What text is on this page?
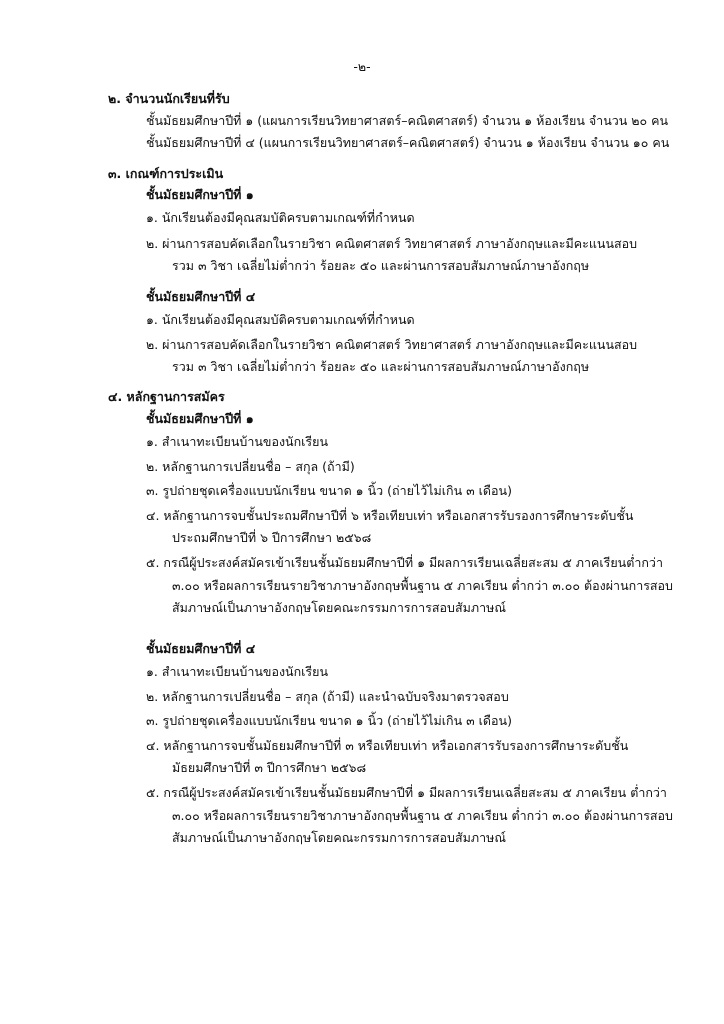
-๒-
๒. จำนวนนักเรียนที่รับ
ชั้นมัธยมศึกษาปีที่ ๑ (แผนการเรียนวิทยาศาสตร์–คณิตศาสตร์) จำนวน ๑ ห้องเรียน จำนวน ๒๐ คน
ชั้นมัธยมศึกษาปีที่ ๔ (แผนการเรียนวิทยาศาสตร์–คณิตศาสตร์) จำนวน ๑ ห้องเรียน จำนวน ๑๐ คน
๓. เกณฑ์การประเมิน
ชั้นมัธยมศึกษาปีที่ ๑
๑. นักเรียนต้องมีคุณสมบัติครบตามเกณฑ์ที่กำหนด
๒. ผ่านการสอบคัดเลือกในรายวิชา คณิตศาสตร์ วิทยาศาสตร์ ภาษาอังกฤษและมีคะแนนสอบ
รวม ๓ วิชา เฉลี่ยไม่ต่ำกว่า ร้อยละ ๕๐ และผ่านการสอบสัมภาษณ์ภาษาอังกฤษ
ชั้นมัธยมศึกษาปีที่ ๔
๑. นักเรียนต้องมีคุณสมบัติครบตามเกณฑ์ที่กำหนด
๒. ผ่านการสอบคัดเลือกในรายวิชา คณิตศาสตร์ วิทยาศาสตร์ ภาษาอังกฤษและมีคะแนนสอบ
รวม ๓ วิชา เฉลี่ยไม่ต่ำกว่า ร้อยละ ๕๐ และผ่านการสอบสัมภาษณ์ภาษาอังกฤษ
๔. หลักฐานการสมัคร
ชั้นมัธยมศึกษาปีที่ ๑
๑. สำเนาทะเบียนบ้านของนักเรียน
๒. หลักฐานการเปลี่ยนชื่อ – สกุล (ถ้ามี)
๓. รูปถ่ายชุดเครื่องแบบนักเรียน ขนาด ๑ นิ้ว (ถ่ายไว้ไม่เกิน ๓ เดือน)
๔. หลักฐานการจบชั้นประถมศึกษาปีที่ ๖ หรือเทียบเท่า หรือเอกสารรับรองการศึกษาระดับชั้น
ประถมศึกษาปีที่ ๖ ปีการศึกษา ๒๕๖๘
๕. กรณีผู้ประสงค์สมัครเข้าเรียนชั้นมัธยมศึกษาปีที่ ๑ มีผลการเรียนเฉลี่ยสะสม ๕ ภาคเรียนต่ำกว่า
๓.๐๐ หรือผลการเรียนรายวิชาภาษาอังกฤษพื้นฐาน ๕ ภาคเรียน ต่ำกว่า ๓.๐๐ ต้องผ่านการสอบ
สัมภาษณ์เป็นภาษาอังกฤษโดยคณะกรรมการการสอบสัมภาษณ์
ชั้นมัธยมศึกษาปีที่ ๔
๑. สำเนาทะเบียนบ้านของนักเรียน
๒. หลักฐานการเปลี่ยนชื่อ – สกุล (ถ้ามี) และนำฉบับจริงมาตรวจสอบ
๓. รูปถ่ายชุดเครื่องแบบนักเรียน ขนาด ๑ นิ้ว (ถ่ายไว้ไม่เกิน ๓ เดือน)
๔. หลักฐานการจบชั้นมัธยมศึกษาปีที่ ๓ หรือเทียบเท่า หรือเอกสารรับรองการศึกษาระดับชั้น
มัธยมศึกษาปีที่ ๓ ปีการศึกษา ๒๕๖๘
๕. กรณีผู้ประสงค์สมัครเข้าเรียนชั้นมัธยมศึกษาปีที่ ๑ มีผลการเรียนเฉลี่ยสะสม ๕ ภาคเรียน ต่ำกว่า
๓.๐๐ หรือผลการเรียนรายวิชาภาษาอังกฤษพื้นฐาน ๕ ภาคเรียน ต่ำกว่า ๓.๐๐ ต้องผ่านการสอบ
สัมภาษณ์เป็นภาษาอังกฤษโดยคณะกรรมการการสอบสัมภาษณ์
